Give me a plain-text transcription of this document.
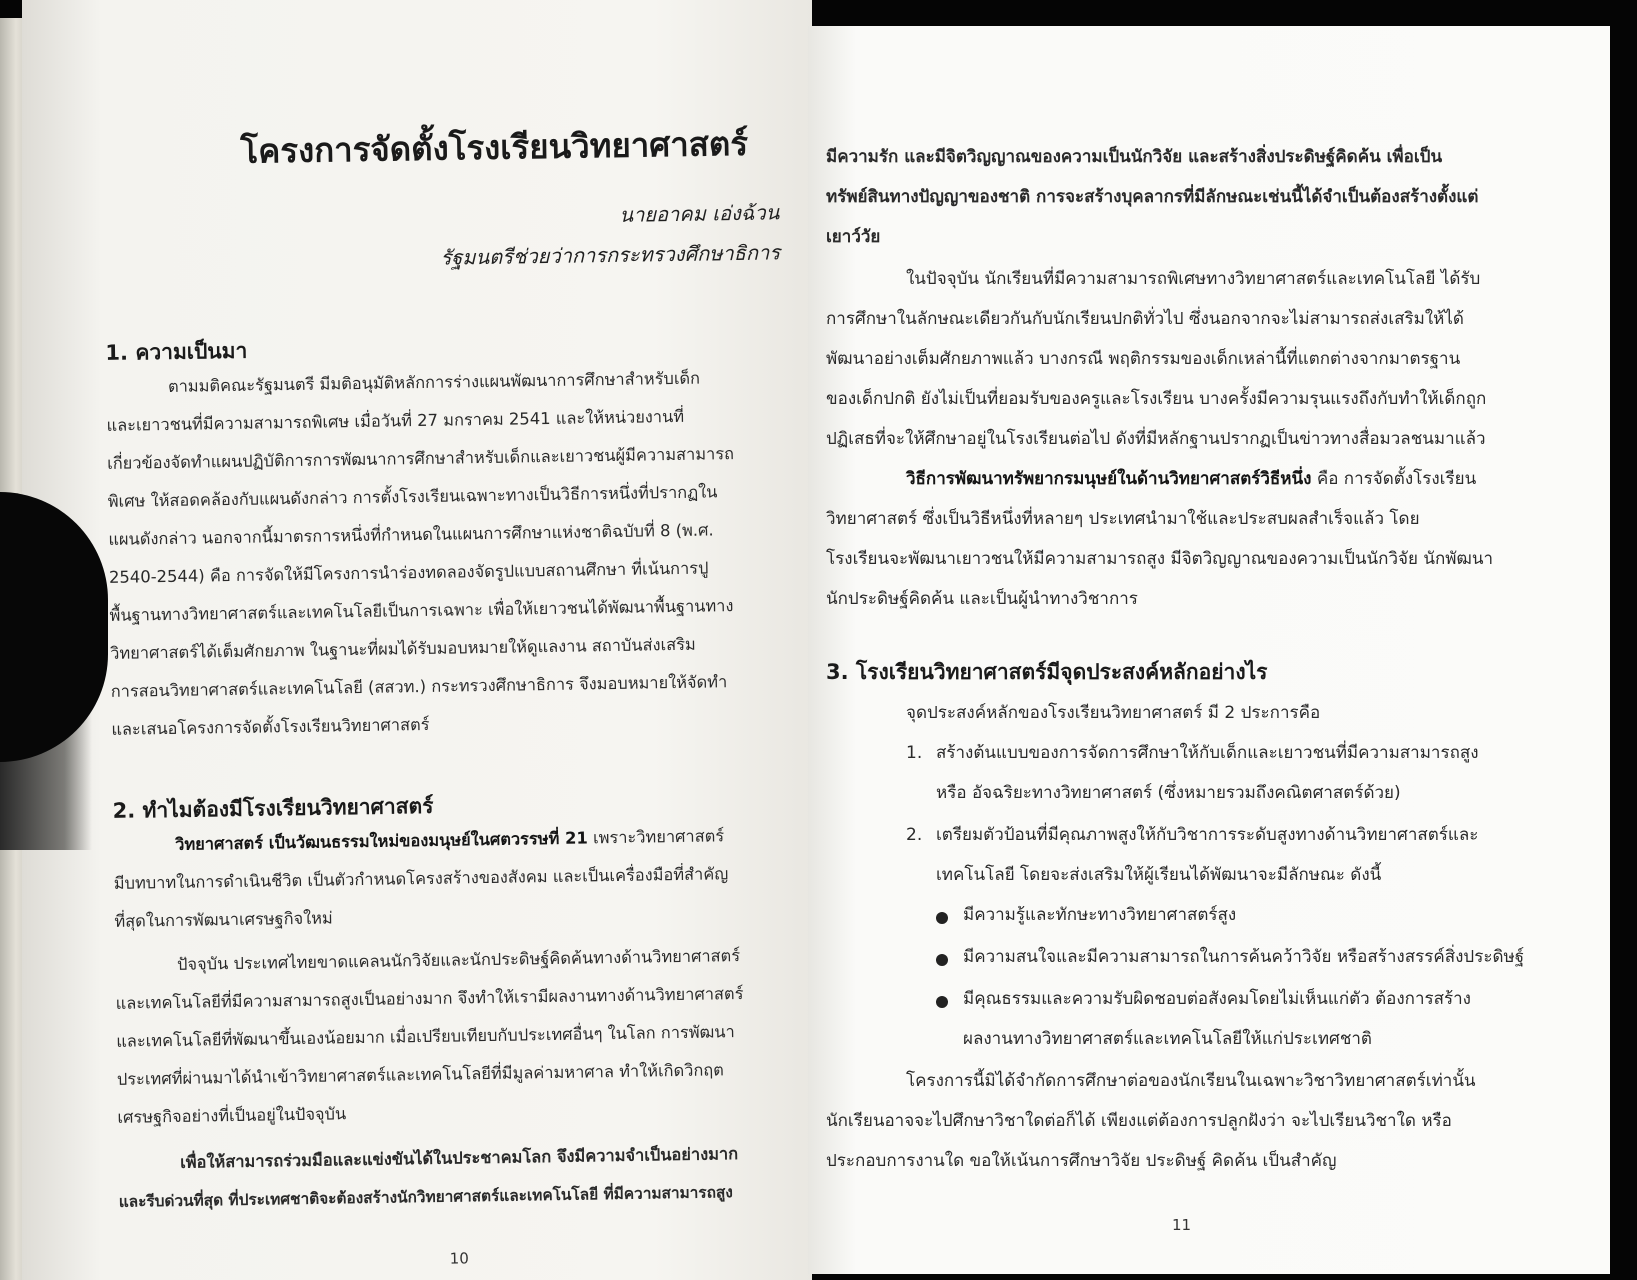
โครงการจัดตั้งโรงเรียนวิทยาศาสตร์
นายอาคม เอ่งฉ้วน
รัฐมนตรีช่วยว่าการกระทรวงศึกษาธิการ
1. ความเป็นมา
ตามมติคณะรัฐมนตรี มีมติอนุมัติหลักการร่างแผนพัฒนาการศึกษาสำหรับเด็ก
และเยาวชนที่มีความสามารถพิเศษ เมื่อวันที่ 27 มกราคม 2541 และให้หน่วยงานที่
เกี่ยวข้องจัดทำแผนปฏิบัติการการพัฒนาการศึกษาสำหรับเด็กและเยาวชนผู้มีความสามารถ
พิเศษ ให้สอดคล้องกับแผนดังกล่าว การตั้งโรงเรียนเฉพาะทางเป็นวิธีการหนึ่งที่ปรากฏใน
แผนดังกล่าว นอกจากนี้มาตรการหนึ่งที่กำหนดในแผนการศึกษาแห่งชาติฉบับที่ 8 (พ.ศ.
2540-2544) คือ การจัดให้มีโครงการนำร่องทดลองจัดรูปแบบสถานศึกษา ที่เน้นการปู
พื้นฐานทางวิทยาศาสตร์และเทคโนโลยีเป็นการเฉพาะ เพื่อให้เยาวชนได้พัฒนาพื้นฐานทาง
วิทยาศาสตร์ได้เต็มศักยภาพ ในฐานะที่ผมได้รับมอบหมายให้ดูแลงาน สถาบันส่งเสริม
การสอนวิทยาศาสตร์และเทคโนโลยี (สสวท.) กระทรวงศึกษาธิการ จึงมอบหมายให้จัดทำ
และเสนอโครงการจัดตั้งโรงเรียนวิทยาศาสตร์
2. ทำไมต้องมีโรงเรียนวิทยาศาสตร์
วิทยาศาสตร์ เป็นวัฒนธรรมใหม่ของมนุษย์ในศตวรรษที่ 21 เพราะวิทยาศาสตร์
มีบทบาทในการดำเนินชีวิต เป็นตัวกำหนดโครงสร้างของสังคม และเป็นเครื่องมือที่สำคัญ
ที่สุดในการพัฒนาเศรษฐกิจใหม่
ปัจจุบัน ประเทศไทยขาดแคลนนักวิจัยและนักประดิษฐ์คิดค้นทางด้านวิทยาศาสตร์
และเทคโนโลยีที่มีความสามารถสูงเป็นอย่างมาก จึงทำให้เรามีผลงานทางด้านวิทยาศาสตร์
และเทคโนโลยีที่พัฒนาขึ้นเองน้อยมาก เมื่อเปรียบเทียบกับประเทศอื่นๆ ในโลก การพัฒนา
ประเทศที่ผ่านมาได้นำเข้าวิทยาศาสตร์และเทคโนโลยีที่มีมูลค่ามหาศาล ทำให้เกิดวิกฤต
เศรษฐกิจอย่างที่เป็นอยู่ในปัจจุบัน
เพื่อให้สามารถร่วมมือและแข่งขันได้ในประชาคมโลก จึงมีความจำเป็นอย่างมาก
และรีบด่วนที่สุด ที่ประเทศชาติจะต้องสร้างนักวิทยาศาสตร์และเทคโนโลยี ที่มีความสามารถสูง
10
มีความรัก และมีจิตวิญญาณของความเป็นนักวิจัย และสร้างสิ่งประดิษฐ์คิดค้น เพื่อเป็น
ทรัพย์สินทางปัญญาของชาติ การจะสร้างบุคลากรที่มีลักษณะเช่นนี้ได้จำเป็นต้องสร้างตั้งแต่
เยาว์วัย
ในปัจจุบัน นักเรียนที่มีความสามารถพิเศษทางวิทยาศาสตร์และเทคโนโลยี ได้รับ
การศึกษาในลักษณะเดียวกันกับนักเรียนปกติทั่วไป ซึ่งนอกจากจะไม่สามารถส่งเสริมให้ได้
พัฒนาอย่างเต็มศักยภาพแล้ว บางกรณี พฤติกรรมของเด็กเหล่านี้ที่แตกต่างจากมาตรฐาน
ของเด็กปกติ ยังไม่เป็นที่ยอมรับของครูและโรงเรียน บางครั้งมีความรุนแรงถึงกับทำให้เด็กถูก
ปฏิเสธที่จะให้ศึกษาอยู่ในโรงเรียนต่อไป ดังที่มีหลักฐานปรากฏเป็นข่าวทางสื่อมวลชนมาแล้ว
วิธีการพัฒนาทรัพยากรมนุษย์ในด้านวิทยาศาสตร์วิธีหนึ่ง คือ การจัดตั้งโรงเรียน
วิทยาศาสตร์ ซึ่งเป็นวิธีหนึ่งที่หลายๆ ประเทศนำมาใช้และประสบผลสำเร็จแล้ว โดย
โรงเรียนจะพัฒนาเยาวชนให้มีความสามารถสูง มีจิตวิญญาณของความเป็นนักวิจัย นักพัฒนา
นักประดิษฐ์คิดค้น และเป็นผู้นำทางวิชาการ
3. โรงเรียนวิทยาศาสตร์มีจุดประสงค์หลักอย่างไร
จุดประสงค์หลักของโรงเรียนวิทยาศาสตร์ มี 2 ประการคือ
1. สร้างต้นแบบของการจัดการศึกษาให้กับเด็กและเยาวชนที่มีความสามารถสูง
หรือ อัจฉริยะทางวิทยาศาสตร์ (ซึ่งหมายรวมถึงคณิตศาสตร์ด้วย)
2. เตรียมตัวป้อนที่มีคุณภาพสูงให้กับวิชาการระดับสูงทางด้านวิทยาศาสตร์และ
เทคโนโลยี โดยจะส่งเสริมให้ผู้เรียนได้พัฒนาจะมีลักษณะ ดังนี้
มีความรู้และทักษะทางวิทยาศาสตร์สูง
มีความสนใจและมีความสามารถในการค้นคว้าวิจัย หรือสร้างสรรค์สิ่งประดิษฐ์
มีคุณธรรมและความรับผิดชอบต่อสังคมโดยไม่เห็นแก่ตัว ต้องการสร้าง
ผลงานทางวิทยาศาสตร์และเทคโนโลยีให้แก่ประเทศชาติ
โครงการนี้มิได้จำกัดการศึกษาต่อของนักเรียนในเฉพาะวิชาวิทยาศาสตร์เท่านั้น
นักเรียนอาจจะไปศึกษาวิชาใดต่อก็ได้ เพียงแต่ต้องการปลูกฝังว่า จะไปเรียนวิชาใด หรือ
ประกอบการงานใด ขอให้เน้นการศึกษาวิจัย ประดิษฐ์ คิดค้น เป็นสำคัญ
11
